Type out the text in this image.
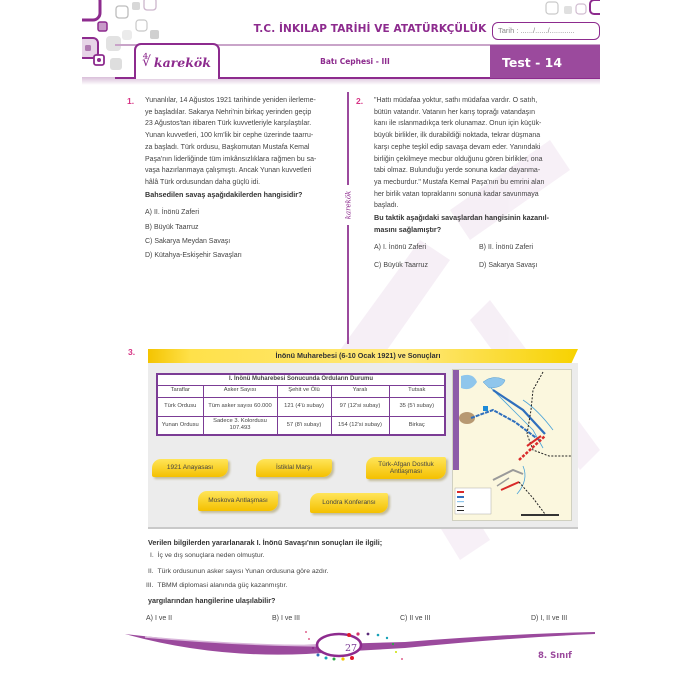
T.C. İNKILAP TARİHİ VE ATATÜRKÇÜLÜK	Tarih : ....../....../............
∜ karekök	Batı Cephesi - III	Test - 14
1. Yunanlılar, 14 Ağustos 1921 tarihinde yeniden ilerleme-
ye başladılar. Sakarya Nehri'nin birkaç yerinden geçip
23 Ağustos'tan itibaren Türk kuvvetleriyle karşılaştılar.
Yunan kuvvetleri, 100 km'lik bir cephe üzerinde taarru-
za başladı. Türk ordusu, Başkomutan Mustafa Kemal
Paşa'nın liderliğinde tüm imkânsızlıklara rağmen bu sa-
vaşa hazırlanmaya çalışmıştı. Ancak Yunan kuvvetleri
hâlâ Türk ordusundan daha güçlü idi.
Bahsedilen savaş aşağıdakilerden hangisidir?
A) II. İnönü Zaferi
B) Büyük Taarruz
C) Sakarya Meydan Savaşı
D) Kütahya-Eskişehir Savaşları
karekök
2. "Hattı müdafaa yoktur, sathı müdafaa vardır. O satıh,
bütün vatandır. Vatanın her karış toprağı vatandaşın
kanı ile ıslanmadıkça terk olunamaz. Onun için küçük-
büyük birlikler, ilk durabildiği noktada, tekrar düşmana
karşı cephe teşkil edip savaşa devam eder. Yanındaki
birliğin çekilmeye mecbur olduğunu gören birlikler, ona
tabi olmaz. Bulunduğu yerde sonuna kadar dayanma-
ya mecburdur." Mustafa Kemal Paşa'nın bu emrini alan
her birlik vatan topraklarını sonuna kadar savunmaya
başladı.
Bu taktik aşağıdaki savaşlardan hangisinin kazanıl-
masını sağlamıştır?
A) I. İnönü Zaferi	B) II. İnönü Zaferi
C) Büyük Taarruz	D) Sakarya Savaşı
3.	İnönü Muharebesi (6-10 Ocak 1921) ve Sonuçları
I. İnönü Muharebesi Sonucunda Orduların Durumu				
Taraflar	Asker Sayısı	Şehit ve Ölü	Yaralı	Tutsak
Türk Ordusu	Tüm asker sayısı 60.000	121 (4'ü subay)	97 (12'si subay)	35 (5'i subay)
Yunan Ordusu	Sadece 3. Kolordusu 107.493	57 (8'i subay)	154 (12'si subay)	Birkaç
1921 Anayasası	İstiklal Marşı
Türk-Afgan Dostluk Antlaşması
Moskova Antlaşması	Londra Konferansı
Verilen bilgilerden yararlanarak I. İnönü Savaşı'nın sonuçları ile ilgili;
I. İç ve dış sonuçlara neden olmuştur.
II. Türk ordusunun asker sayısı Yunan ordusuna göre azdır.
III. TBMM diplomasi alanında güç kazanmıştır.
yargılarından hangilerine ulaşılabilir?
A) I ve II	B) I ve III	C) II ve III	D) I, II ve III
27
8. Sınıf
